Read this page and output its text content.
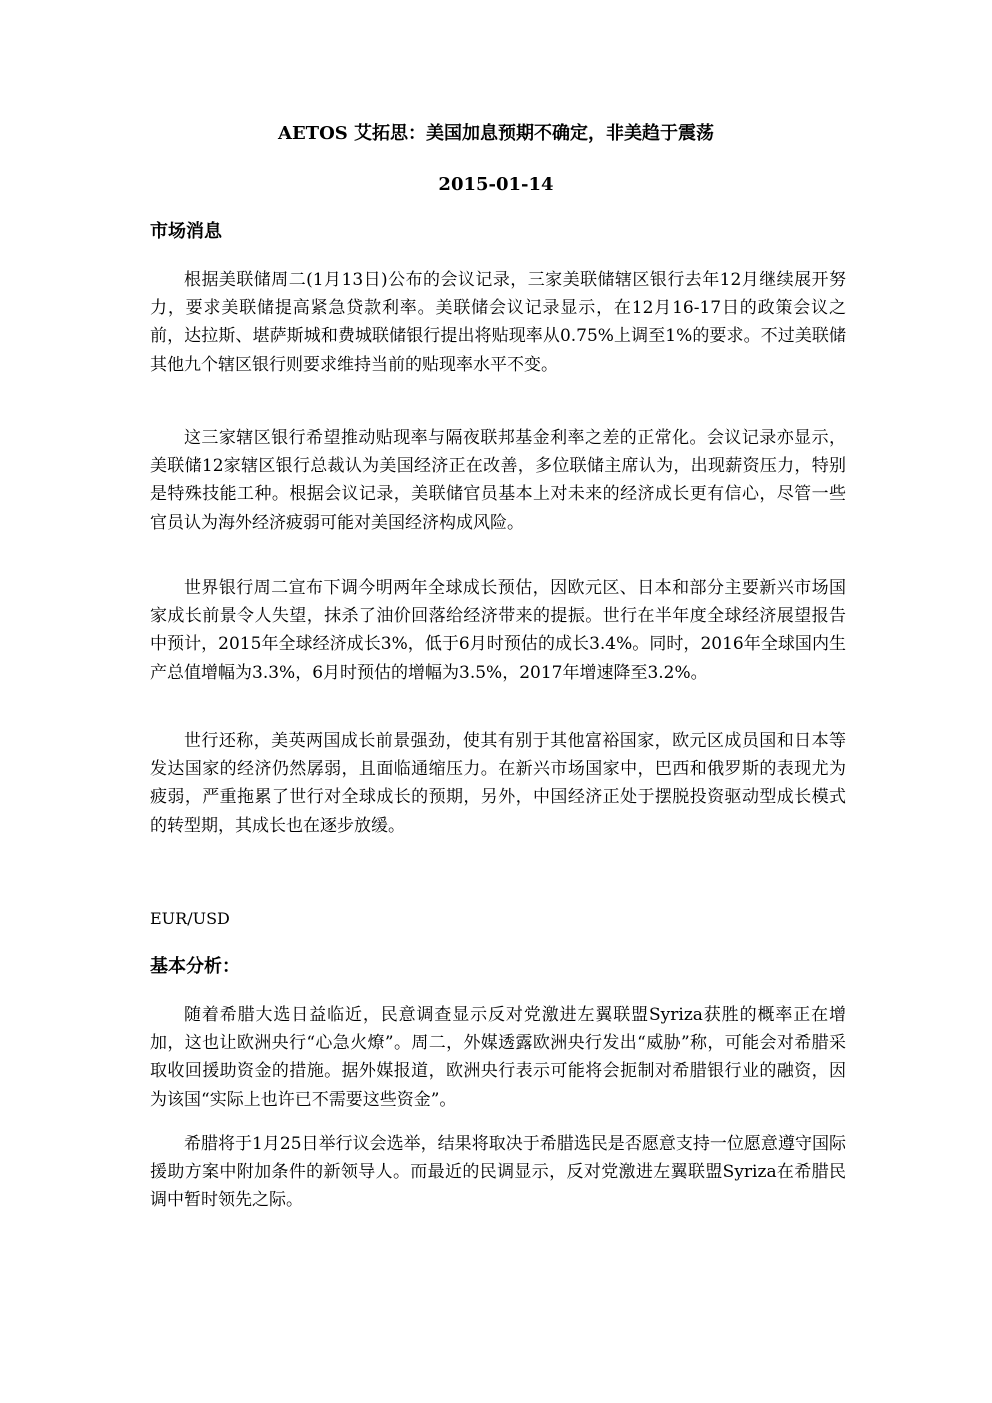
AETOS 艾拓思：美国加息预期不确定，非美趋于震荡
2015-01-14
市场消息

根据美联储周二(1月13日)公布的会议记录，三家美联储辖区银行去年12月继续展开努力，要求美联储提高紧急贷款利率。美联储会议记录显示，在12月16-17日的政策会议之前，达拉斯、堪萨斯城和费城联储银行提出将贴现率从0.75%上调至1%的要求。不过美联储其他九个辖区银行则要求维持当前的贴现率水平不变。

这三家辖区银行希望推动贴现率与隔夜联邦基金利率之差的正常化。会议记录亦显示，美联储12家辖区银行总裁认为美国经济正在改善，多位联储主席认为，出现薪资压力，特别是特殊技能工种。根据会议记录，美联储官员基本上对未来的经济成长更有信心，尽管一些官员认为海外经济疲弱可能对美国经济构成风险。

世界银行周二宣布下调今明两年全球成长预估，因欧元区、日本和部分主要新兴市场国家成长前景令人失望，抹杀了油价回落给经济带来的提振。世行在半年度全球经济展望报告中预计，2015年全球经济成长3%，低于6月时预估的成长3.4%。同时，2016年全球国内生产总值增幅为3.3%，6月时预估的增幅为3.5%，2017年增速降至3.2%。

世行还称，美英两国成长前景强劲，使其有别于其他富裕国家，欧元区成员国和日本等发达国家的经济仍然孱弱，且面临通缩压力。在新兴市场国家中，巴西和俄罗斯的表现尤为疲弱，严重拖累了世行对全球成长的预期，另外，中国经济正处于摆脱投资驱动型成长模式的转型期，其成长也在逐步放缓。

EUR/USD
基本分析：

随着希腊大选日益临近，民意调查显示反对党激进左翼联盟Syriza获胜的概率正在增加，这也让欧洲央行“心急火燎”。周二，外媒透露欧洲央行发出“威胁”称，可能会对希腊采取收回援助资金的措施。据外媒报道，欧洲央行表示可能将会扼制对希腊银行业的融资，因为该国“实际上也许已不需要这些资金”。

希腊将于1月25日举行议会选举，结果将取决于希腊选民是否愿意支持一位愿意遵守国际援助方案中附加条件的新领导人。而最近的民调显示，反对党激进左翼联盟Syriza在希腊民调中暂时领先之际。
